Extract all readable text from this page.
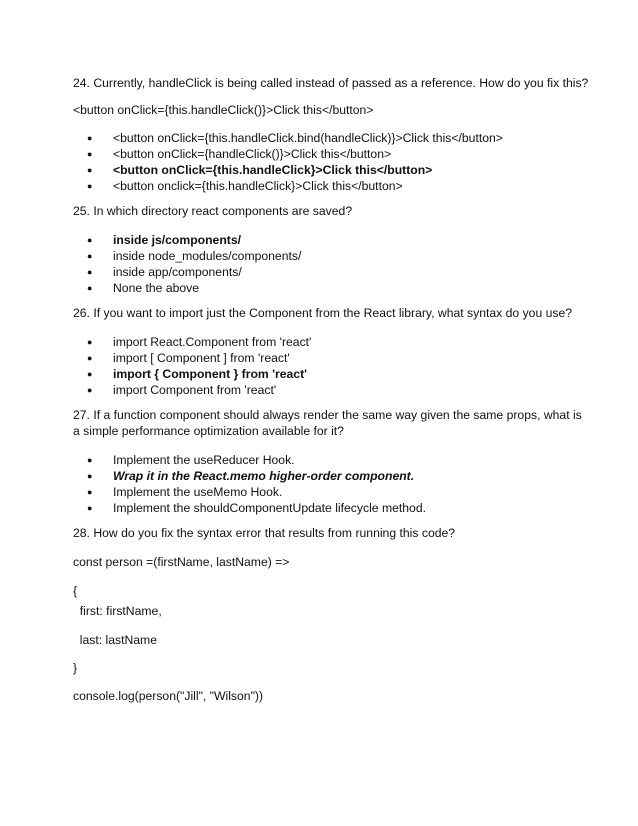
24. Currently, handleClick is being called instead of passed as a reference. How do you fix this?
<button onClick={this.handleClick()}>Click this</button>
● <button onClick={this.handleClick.bind(handleClick)}>Click this</button>
● <button onClick={handleClick()}>Click this</button>
● <button onClick={this.handleClick}>Click this</button>
● <button onclick={this.handleClick}>Click this</button>
25. In which directory react components are saved?
● inside js/components/
● inside node_modules/components/
● inside app/components/
● None the above
26. If you want to import just the Component from the React library, what syntax do you use?
● import React.Component from 'react'
● import [ Component ] from 'react'
● import { Component } from 'react'
● import Component from 'react'
27. If a function component should always render the same way given the same props, what is
a simple performance optimization available for it?
● Implement the useReducer Hook.
● Wrap it in the React.memo higher-order component.
● Implement the useMemo Hook.
● Implement the shouldComponentUpdate lifecycle method.
28. How do you fix the syntax error that results from running this code?
const person =(firstName, lastName) =>
{
first: firstName,
last: lastName
}
console.log(person("Jill", "Wilson"))
